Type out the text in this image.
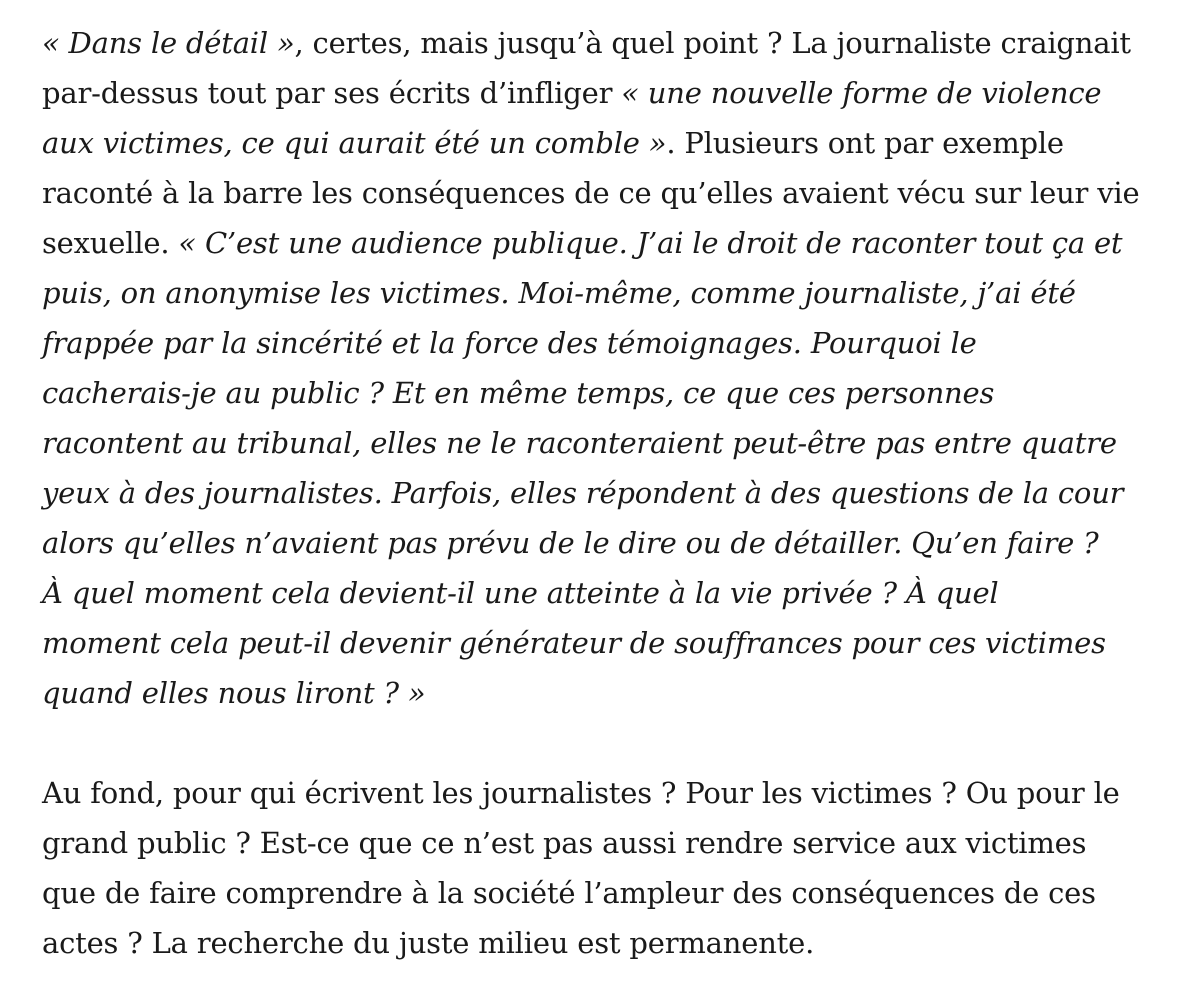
« Dans le détail », certes, mais jusqu’à quel point ? La journaliste craignait
par-dessus tout par ses écrits d’infliger « une nouvelle forme de violence
aux victimes, ce qui aurait été un comble ». Plusieurs ont par exemple
raconté à la barre les conséquences de ce qu’elles avaient vécu sur leur vie
sexuelle. « C’est une audience publique. J’ai le droit de raconter tout ça et
puis, on anonymise les victimes. Moi-même, comme journaliste, j’ai été
frappée par la sincérité et la force des témoignages. Pourquoi le
cacherais-je au public ? Et en même temps, ce que ces personnes
racontent au tribunal, elles ne le raconteraient peut-être pas entre quatre
yeux à des journalistes. Parfois, elles répondent à des questions de la cour
alors qu’elles n’avaient pas prévu de le dire ou de détailler. Qu’en faire ?
À quel moment cela devient-il une atteinte à la vie privée ? À quel
moment cela peut-il devenir générateur de souffrances pour ces victimes
quand elles nous liront ? »

Au fond, pour qui écrivent les journalistes ? Pour les victimes ? Ou pour le
grand public ? Est-ce que ce n’est pas aussi rendre service aux victimes
que de faire comprendre à la société l’ampleur des conséquences de ces
actes ? La recherche du juste milieu est permanente.
